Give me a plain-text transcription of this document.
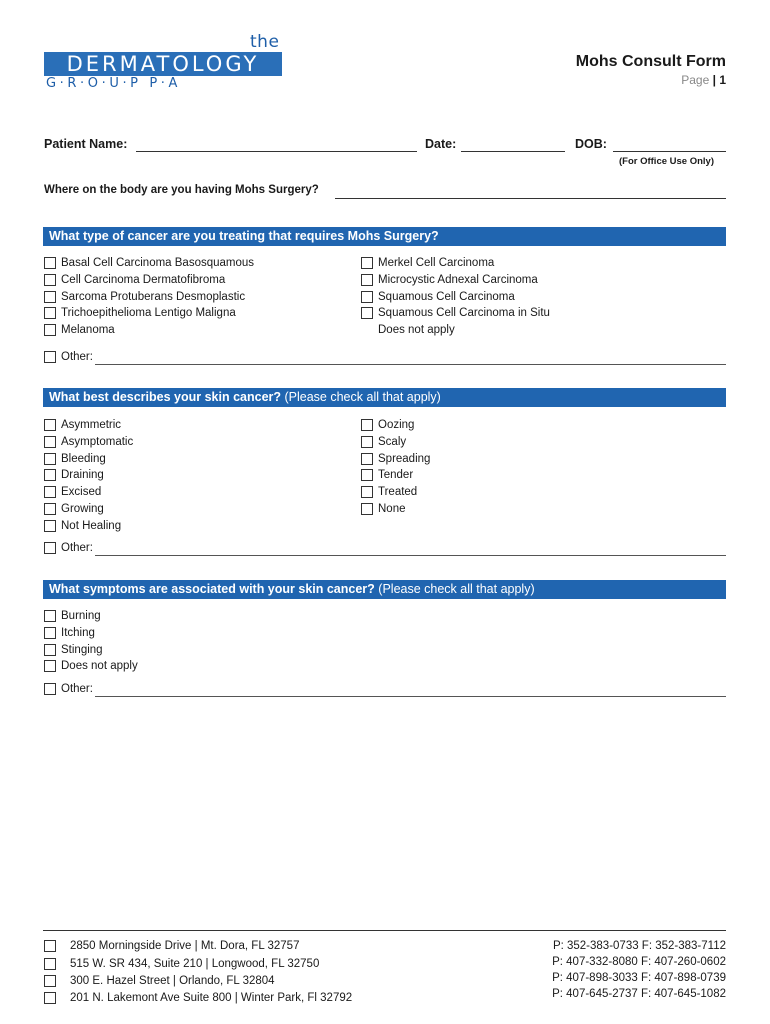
the
DERMATOLOGY
G·R·O·U·P P·A
Mohs Consult Form
Page | 1
Patient Name:	Date:	DOB:
(For Office Use Only)
Where on the body are you having Mohs Surgery?
What type of cancer are you treating that requires Mohs Surgery?
Basal Cell Carcinoma Basosquamous
Cell Carcinoma Dermatofibroma
Sarcoma Protuberans Desmoplastic
Trichoepithelioma Lentigo Maligna
Melanoma
Merkel Cell Carcinoma
Microcystic Adnexal Carcinoma
Squamous Cell Carcinoma
Squamous Cell Carcinoma in Situ
Does not apply
Other:
What best describes your skin cancer? (Please check all that apply)
Asymmetric
Asymptomatic
Bleeding
Draining
Excised
Growing
Not Healing
Oozing
Scaly
Spreading
Tender
Treated
None
Other:
What symptoms are associated with your skin cancer? (Please check all that apply)
Burning
Itching
Stinging
Does not apply
Other:
2850 Morningside Drive | Mt. Dora, FL 32757
515 W. SR 434, Suite 210 | Longwood, FL 32750
300 E. Hazel Street | Orlando, FL 32804
201 N. Lakemont Ave Suite 800 | Winter Park, Fl 32792
P: 352-383-0733 F: 352-383-7112
P: 407-332-8080 F: 407-260-0602
P: 407-898-3033 F: 407-898-0739
P: 407-645-2737 F: 407-645-1082
